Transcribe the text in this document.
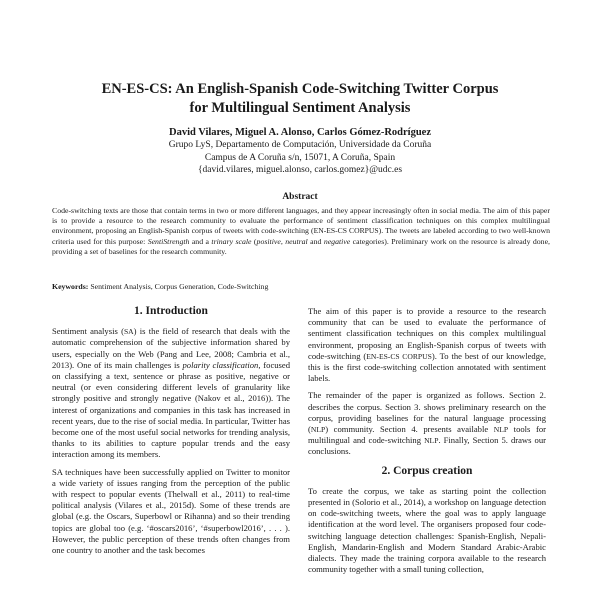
EN-ES-CS: An English-Spanish Code-Switching Twitter Corpus
for Multilingual Sentiment Analysis
David Vilares, Miguel A. Alonso, Carlos Gómez-Rodríguez
Grupo LyS, Departamento de Computación, Universidade da Coruña
Campus de A Coruña s/n, 15071, A Coruña, Spain
{david.vilares, miguel.alonso, carlos.gomez}@udc.es
Abstract
Code-switching texts are those that contain terms in two or more different languages, and they appear increasingly often in social media. The aim of this paper is to provide a resource to the research community to evaluate the performance of sentiment classification techniques on this complex multilingual environment, proposing an English-Spanish corpus of tweets with code-switching (EN-ES-CS CORPUS). The tweets are labeled according to two well-known criteria used for this purpose: SentiStrength and a trinary scale (positive, neutral and negative categories). Preliminary work on the resource is already done, providing a set of baselines for the research community.
Keywords: Sentiment Analysis, Corpus Generation, Code-Switching
1. Introduction

Sentiment analysis (SA) is the field of research that deals with the automatic comprehension of the subjective information shared by users, especially on the Web (Pang and Lee, 2008; Cambria et al., 2013). One of its main challenges is polarity classification, focused on classifying a text, sentence or phrase as positive, negative or neutral (or even considering different levels of granularity like strongly positive and strongly negative (Nakov et al., 2016)). The interest of organizations and companies in this task has increased in recent years, due to the rise of social media. In particular, Twitter has become one of the most useful social networks for trending analysis, thanks to its abilities to capture popular trends and the easy interaction among its members.

SA techniques have been successfully applied on Twitter to monitor a wide variety of issues ranging from the perception of the public with respect to popular events (Thelwall et al., 2011) to real-time political analysis (Vilares et al., 2015d). Some of these trends are global (e.g. the Oscars, Superbowl or Rihanna) and so their trending topics are global too (e.g. ‘#oscars2016’, ‘#superbowl2016’, . . . ). However, the public perception of these trends often changes from one country to another and the task becomes

The aim of this paper is to provide a resource to the research community that can be used to evaluate the performance of sentiment classification techniques on this complex multilingual environment, proposing an English-Spanish corpus of tweets with code-switching (EN-ES-CS CORPUS). To the best of our knowledge, this is the first code-switching collection annotated with sentiment labels.

The remainder of the paper is organized as follows. Section 2. describes the corpus. Section 3. shows preliminary research on the corpus, providing baselines for the natural language processing (NLP) community. Section 4. presents available NLP tools for multilingual and code-switching NLP. Finally, Section 5. draws our conclusions.

2. Corpus creation

To create the corpus, we take as starting point the collection presented in (Solorio et al., 2014), a workshop on language detection on code-switching tweets, where the goal was to apply language identification at the word level. The organisers proposed four code-switching language detection challenges: Spanish-English, Nepali-English, Mandarin-English and Modern Standard Arabic-Arabic dialects. They made the training corpora available to the research community together with a small tuning collection,
